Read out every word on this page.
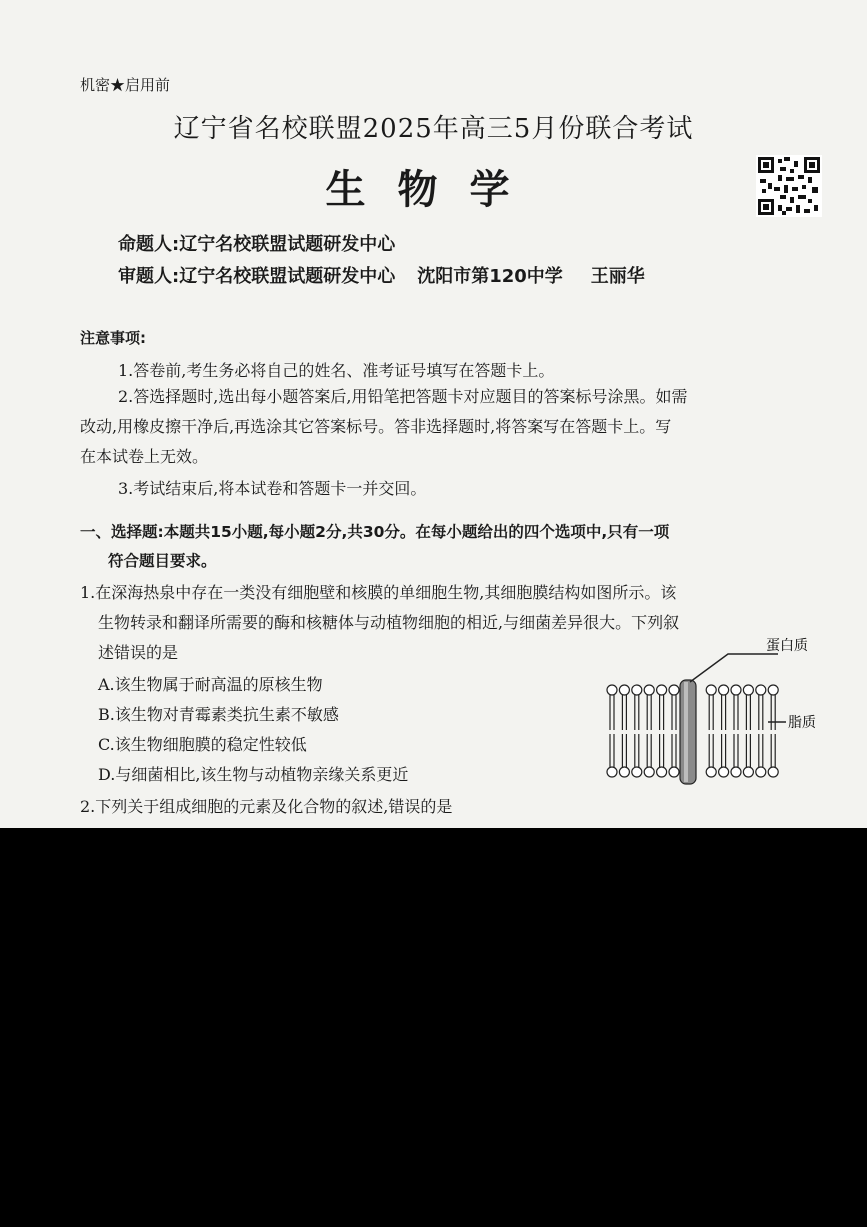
机密★启用前
辽宁省名校联盟2025年高三5月份联合考试
生物学
命题人:辽宁名校联盟试题研发中心
审题人:辽宁名校联盟试题研发中心 沈阳市第120中学 王丽华
注意事项:
1.答卷前,考生务必将自己的姓名、准考证号填写在答题卡上。
2.答选择题时,选出每小题答案后,用铅笔把答题卡对应题目的答案标号涂黑。如需
改动,用橡皮擦干净后,再选涂其它答案标号。答非选择题时,将答案写在答题卡上。写
在本试卷上无效。
3.考试结束后,将本试卷和答题卡一并交回。
一、选择题:本题共15小题,每小题2分,共30分。在每小题给出的四个选项中,只有一项
符合题目要求。
1.在深海热泉中存在一类没有细胞壁和核膜的单细胞生物,其细胞膜结构如图所示。该
生物转录和翻译所需要的酶和核糖体与动植物细胞的相近,与细菌差异很大。下列叙
述错误的是
A.该生物属于耐高温的原核生物
B.该生物对青霉素类抗生素不敏感
C.该生物细胞膜的稳定性较低
D.与细菌相比,该生物与动植物亲缘关系更近
蛋白质
脂质
2.下列关于组成细胞的元素及化合物的叙述,错误的是
